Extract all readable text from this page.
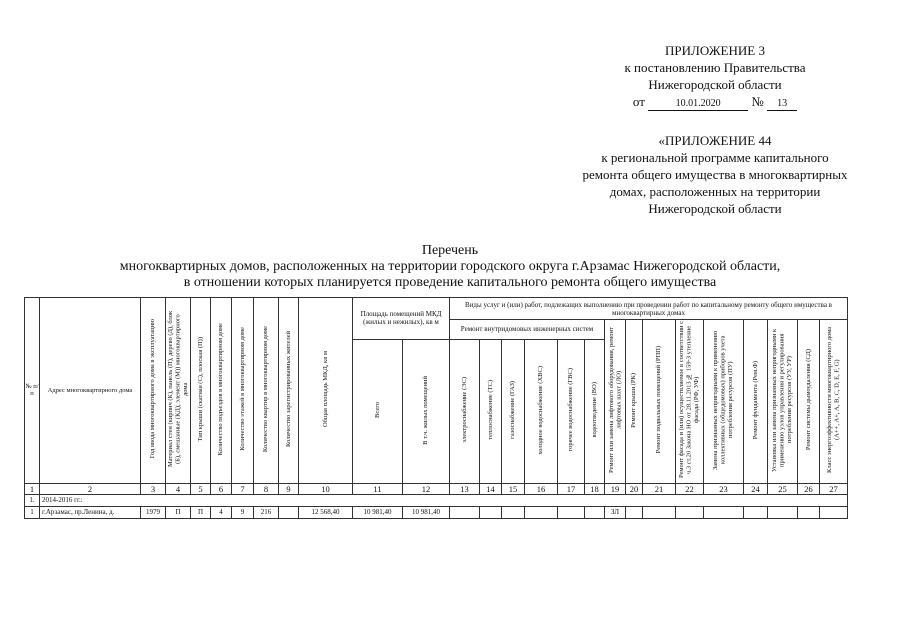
ПРИЛОЖЕНИЕ 3
к постановлению Правительства
Нижегородской области
от	10.01.2020 № 13
«ПРИЛОЖЕНИЕ 44
к региональной программе капитального
ремонта общего имущества в многоквартирных
домах, расположенных на территории
Нижегородской области
Перечень
многоквартирных домов, расположенных на территории городского округа г.Арзамас Нижегородской области,
в отношении которых планируется проведение капитального ремонта общего имущества
№ п/п	Адрес многоквартирного дома	Год ввода многоквартирного дома в эксплуатацию	Материал стен (кирпич (К), панель (П), дерево (Д), блок (Б), смешанные (КД), элемент (М)) многоквартирного дома	Тип крыши (скатная (С), плоская (П))	Количество подъездов в многоквартирном доме	Количество этажей в многоквартирном доме	Количество квартир в многоквартирном доме	Количество зарегистрированных жителей	Общая площадь МКД, кв м	Площадь помещений МКД (жилых и нежилых), кв м		Виды услуг и (или) работ, подлежащих выполнению при проведении работ по капитальному ремонту общего имущества в многоквартирных домах														
												Ремонт внутридомовых инженерных систем						Ремонт или замена лифтового оборудования, ремонт лифтовых шахт (ЛО)	Ремонт крыши (РК)	Ремонт подвальных помещений (РПП)	Ремонт фасада и (или) осуществляемое в соответствии с ч.3 ст.20 Закона НО от 28.11.2013 № 159-З утепление фасада (РФ, УФ)	Замена признанных непригодными к применению коллективных (общедомовых) приборов учета потребления ресурсов (ПУ)	Ремонт фундамента (Рем.Ф)	Установка или замена признанных непригодными к применению узлов управления и регулирования потребления ресурсов (УУ, УР)	Ремонт системы дымоудаления (СД)	Класс энергоэффективности многоквартирного дома (А++, А+, А, В, С, D, E, F, G)
										Всего	В т.ч. жилых помещений	электроснабжение (ЭС)	теплоснабжение (ТС)	газоснабжение (ГАЗ)	холодное водоснабжение (ХВС)	горячее водоснабжение (ГВС)	водоотведение (ВО)									
1	2	3	4	5	6	7	8	9	10	11	12	13	14	15	16	17	18	19	20	21	22	23	24	25	26	27
1.	2014-2016 гг.:																									
1	г.Арзамас, пр.Ленина, д.	1979	П	П	4	9	216		12 568,40	10 981,40	10 981,40							ЗЛ								
